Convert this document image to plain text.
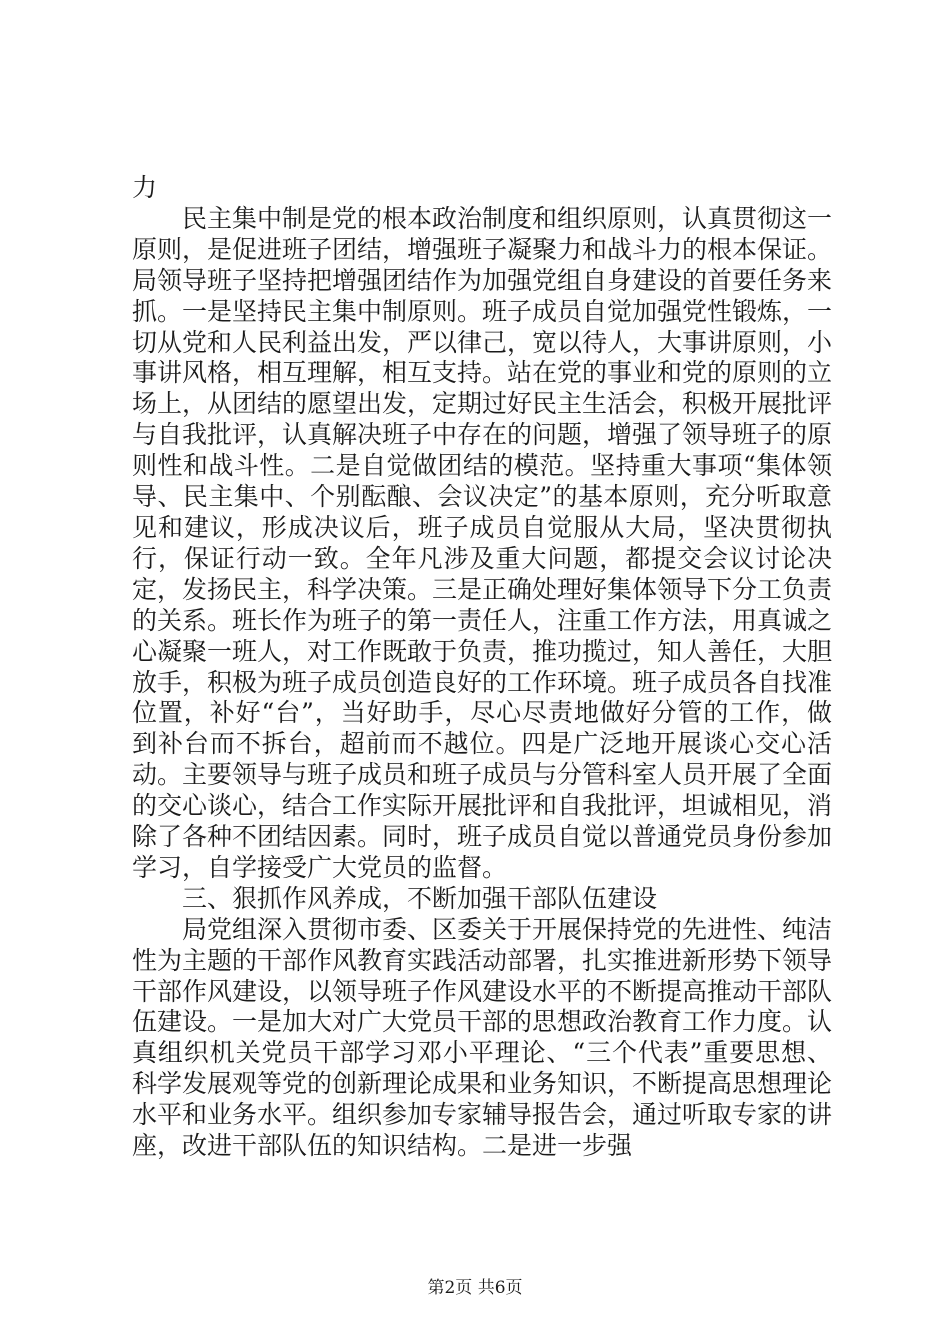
力

民主集中制是党的根本政治制度和组织原则，认真贯彻这一原则，是促进班子团结，增强班子凝聚力和战斗力的根本保证。局领导班子坚持把增强团结作为加强党组自身建设的首要任务来抓。一是坚持民主集中制原则。班子成员自觉加强党性锻炼，一切从党和人民利益出发，严以律己，宽以待人，大事讲原则，小事讲风格，相互理解，相互支持。站在党的事业和党的原则的立场上，从团结的愿望出发，定期过好民主生活会，积极开展批评与自我批评，认真解决班子中存在的问题，增强了领导班子的原则性和战斗性。二是自觉做团结的模范。坚持重大事项“集体领导、民主集中、个别酝酿、会议决定”的基本原则，充分听取意见和建议，形成决议后，班子成员自觉服从大局，坚决贯彻执行，保证行动一致。全年凡涉及重大问题，都提交会议讨论决定，发扬民主，科学决策。三是正确处理好集体领导下分工负责的关系。班长作为班子的第一责任人，注重工作方法，用真诚之心凝聚一班人，对工作既敢于负责，推功揽过，知人善任，大胆放手，积极为班子成员创造良好的工作环境。班子成员各自找准位置，补好“台”，当好助手，尽心尽责地做好分管的工作，做到补台而不拆台，超前而不越位。四是广泛地开展谈心交心活动。主要领导与班子成员和班子成员与分管科室人员开展了全面的交心谈心，结合工作实际开展批评和自我批评，坦诚相见，消除了各种不团结因素。同时，班子成员自觉以普通党员身份参加学习，自学接受广大党员的监督。

三、狠抓作风养成，不断加强干部队伍建设

局党组深入贯彻市委、区委关于开展保持党的先进性、纯洁性为主题的干部作风教育实践活动部署，扎实推进新形势下领导干部作风建设，以领导班子作风建设水平的不断提高推动干部队伍建设。一是加大对广大党员干部的思想政治教育工作力度。认真组织机关党员干部学习邓小平理论、“三个代表”重要思想、科学发展观等党的创新理论成果和业务知识，不断提高思想理论水平和业务水平。组织参加专家辅导报告会，通过听取专家的讲座，改进干部队伍的知识结构。二是进一步强

第2页 共6页
